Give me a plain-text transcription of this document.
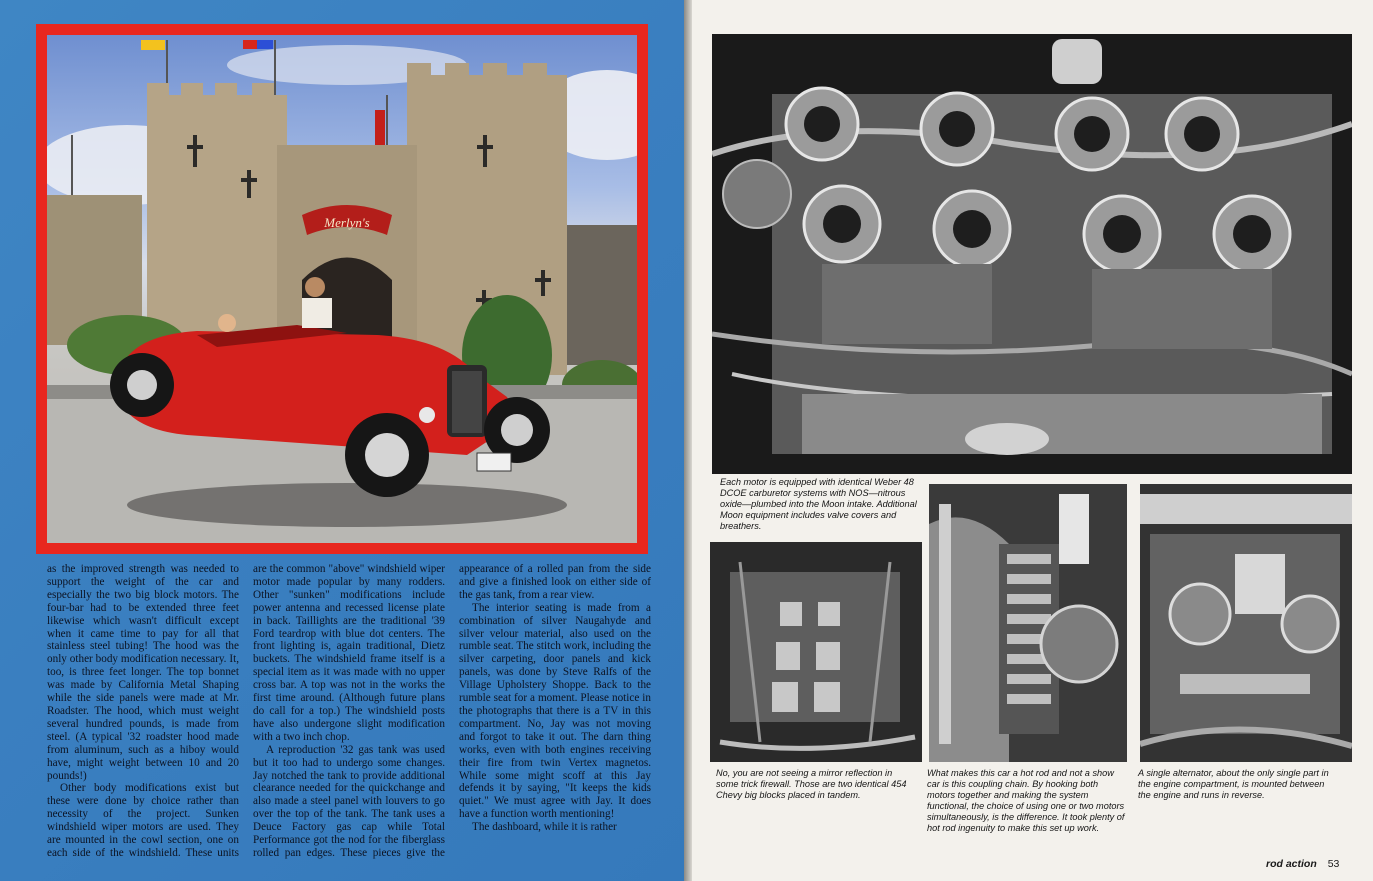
Merlyn's

as the improved strength was needed to support the weight of the car and especially the two big block motors. The four-bar had to be extended three feet likewise which wasn't difficult except when it came time to pay for all that stainless steel tubing! The hood was the only other body modification necessary. It, too, is three feet longer. The top bonnet was made by California Metal Shaping while the side panels were made at Mr. Roadster. The hood, which must weight several hundred pounds, is made from steel. (A typical '32 roadster hood made from aluminum, such as a hiboy would have, might weight between 10 and 20 pounds!)

Other body modifications exist but these were done by choice rather than necessity of the project. Sunken windshield wiper motors are used. They are mounted in the cowl section, one on each side of the windshield. These units are the common "above" windshield wiper motor made popular by many rodders. Other "sunken" modifications include power antenna and recessed license plate in back. Taillights are the traditional '39 Ford teardrop with blue dot centers. The front lighting is, again traditional, Dietz buckets. The windshield frame itself is a special item as it was made with no upper cross bar. A top was not in the works the first time around. (Although future plans do call for a top.) The windshield posts have also undergone slight modification with a two inch chop.

A reproduction '32 gas tank was used but it too had to undergo some changes. Jay notched the tank to provide additional clearance needed for the quickchange and also made a steel panel with louvers to go over the top of the tank. The tank uses a Deuce Factory gas cap while Total Performance got the nod for the fiberglass rolled pan edges. These pieces give the appearance of a rolled pan from the side and give a finished look on either side of the gas tank, from a rear view.

The interior seating is made from a combination of silver Naugahyde and silver velour material, also used on the rumble seat. The stitch work, including the silver carpeting, door panels and kick panels, was done by Steve Ralfs of the Village Upholstery Shoppe. Back to the rumble seat for a moment. Please notice in the photographs that there is a TV in this compartment. No, Jay was not moving and forgot to take it out. The darn thing works, even with both engines receiving their fire from twin Vertex magnetos. While some might scoff at this Jay defends it by saying, "It keeps the kids quiet." We must agree with Jay. It does have a function worth mentioning!

The dashboard, while it is rather

Each motor is equipped with identical Weber 48 DCOE carburetor systems with NOS—nitrous oxide—plumbed into the Moon intake. Additional Moon equipment includes valve covers and breathers.
No, you are not seeing a mirror reflection in some trick firewall. Those are two identical 454 Chevy big blocks placed in tandem.
What makes this car a hot rod and not a show car is this coupling chain. By hooking both motors together and making the system functional, the choice of using one or two motors simultaneously, is the difference. It took plenty of hot rod ingenuity to make this set up work.
A single alternator, about the only single part in the engine compartment, is mounted between the engine and runs in reverse.
rod action 53
